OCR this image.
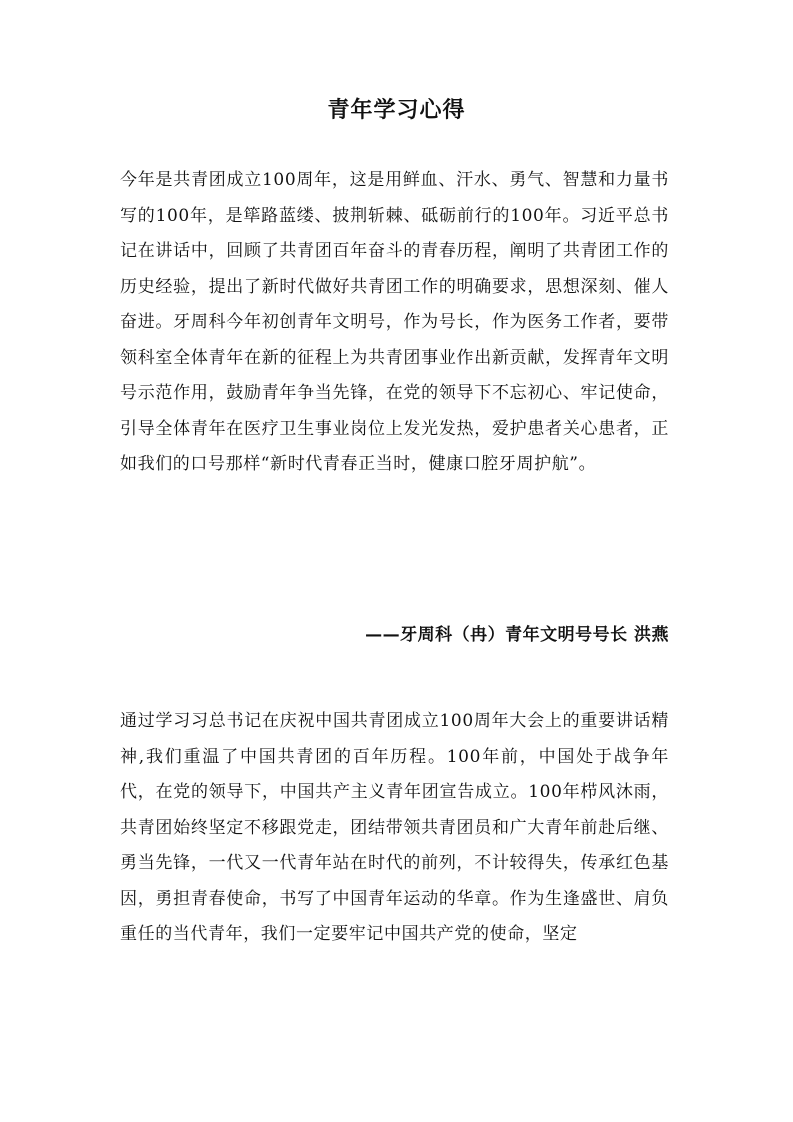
青年学习心得

今年是共青团成立100周年，这是用鲜血、汗水、勇气、智慧和力量书写的100年，是筚路蓝缕、披荆斩棘、砥砺前行的100年。习近平总书记在讲话中，回顾了共青团百年奋斗的青春历程，阐明了共青团工作的历史经验，提出了新时代做好共青团工作的明确要求，思想深刻、催人奋进。牙周科今年初创青年文明号，作为号长，作为医务工作者，要带领科室全体青年在新的征程上为共青团事业作出新贡献，发挥青年文明号示范作用，鼓励青年争当先锋，在党的领导下不忘初心、牢记使命，引导全体青年在医疗卫生事业岗位上发光发热，爱护患者关心患者，正如我们的口号那样“新时代青春正当时，健康口腔牙周护航”。

——牙周科（冉）青年文明号号长 洪燕

通过学习习总书记在庆祝中国共青团成立100周年大会上的重要讲话精神,我们重温了中国共青团的百年历程。100年前，中国处于战争年代，在党的领导下，中国共产主义青年团宣告成立。100年栉风沐雨，共青团始终坚定不移跟党走，团结带领共青团员和广大青年前赴后继、勇当先锋，一代又一代青年站在时代的前列，不计较得失，传承红色基因，勇担青春使命，书写了中国青年运动的华章。作为生逢盛世、肩负重任的当代青年，我们一定要牢记中国共产党的使命，坚定
